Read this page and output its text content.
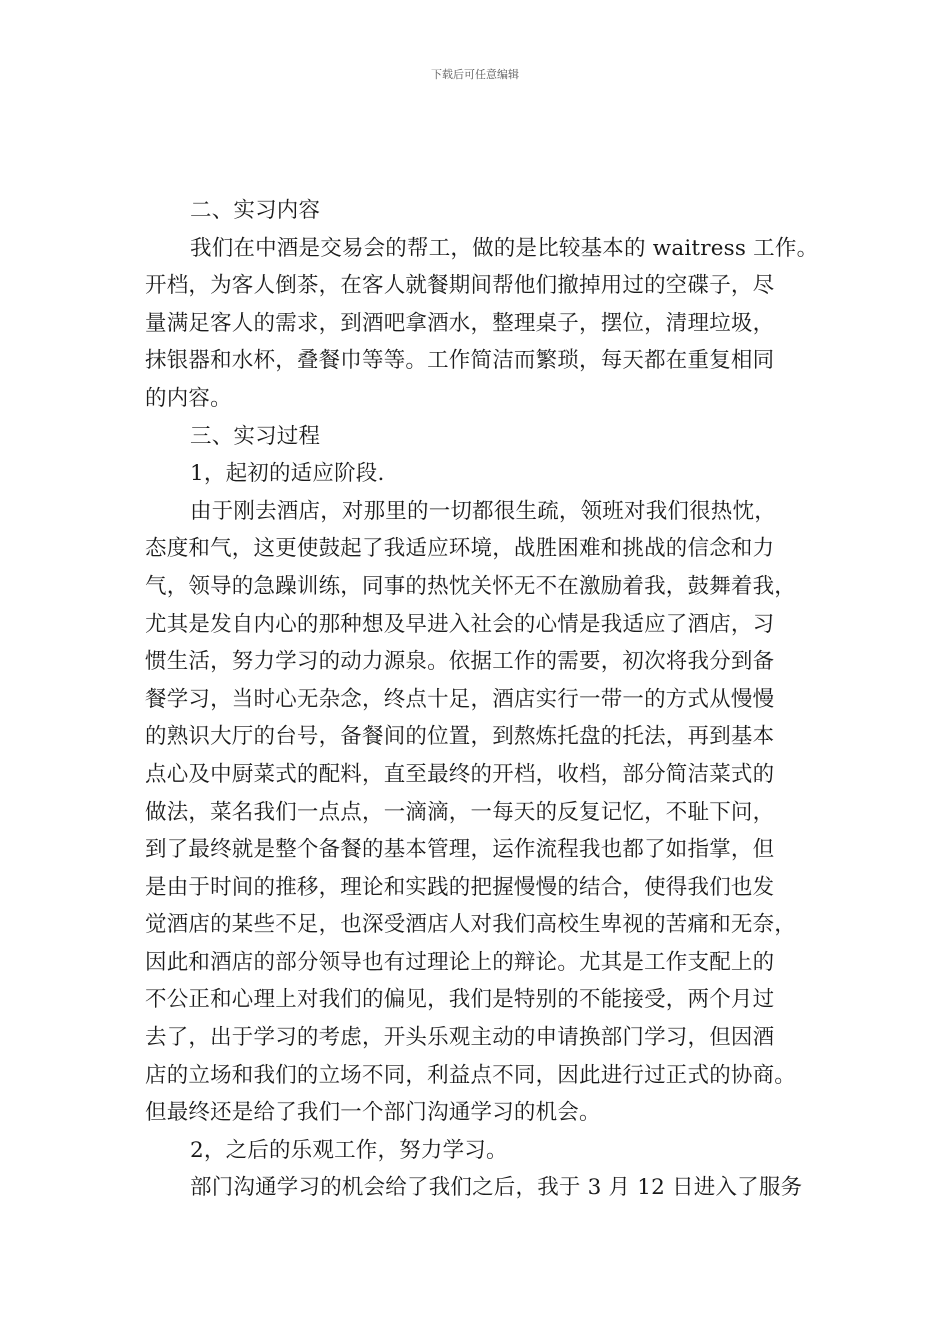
下载后可任意编辑
二、实习内容
我们在中酒是交易会的帮工，做的是比较基本的 waitress 工作。
开档，为客人倒茶，在客人就餐期间帮他们撤掉用过的空碟子，尽
量满足客人的需求，到酒吧拿酒水，整理桌子，摆位，清理垃圾，
抹银器和水杯，叠餐巾等等。工作简洁而繁琐，每天都在重复相同
的内容。
三、实习过程
1，起初的适应阶段.
由于刚去酒店，对那里的一切都很生疏，领班对我们很热忱，
态度和气，这更使鼓起了我适应环境，战胜困难和挑战的信念和力
气，领导的急躁训练，同事的热忱关怀无不在激励着我，鼓舞着我，
尤其是发自内心的那种想及早进入社会的心情是我适应了酒店，习
惯生活，努力学习的动力源泉。依据工作的需要，初次将我分到备
餐学习，当时心无杂念，终点十足，酒店实行一带一的方式从慢慢
的熟识大厅的台号，备餐间的位置，到熬炼托盘的托法，再到基本
点心及中厨菜式的配料，直至最终的开档，收档，部分简洁菜式的
做法，菜名我们一点点，一滴滴，一每天的反复记忆，不耻下问，
到了最终就是整个备餐的基本管理，运作流程我也都了如指掌，但
是由于时间的推移，理论和实践的把握慢慢的结合，使得我们也发
觉酒店的某些不足，也深受酒店人对我们高校生卑视的苦痛和无奈，
因此和酒店的部分领导也有过理论上的辩论。尤其是工作支配上的
不公正和心理上对我们的偏见，我们是特别的不能接受，两个月过
去了，出于学习的考虑，开头乐观主动的申请换部门学习，但因酒
店的立场和我们的立场不同，利益点不同，因此进行过正式的协商。
但最终还是给了我们一个部门沟通学习的机会。
2，之后的乐观工作，努力学习。
部门沟通学习的机会给了我们之后，我于 3 月 12 日进入了服务
